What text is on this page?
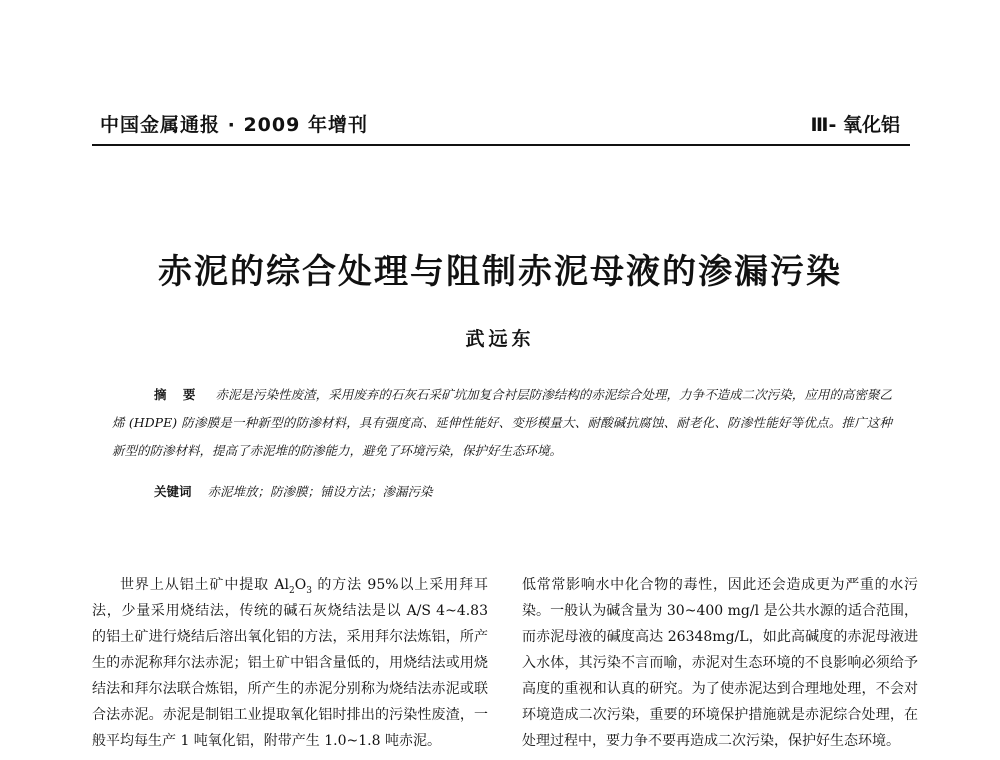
中国金属通报 · 2009 年增刊	Ⅲ- 氧化铝
赤泥的综合处理与阻制赤泥母液的渗漏污染
武远东
摘 要 赤泥是污染性废渣，采用废弃的石灰石采矿坑加复合衬层防渗结构的赤泥综合处理，力争不造成二次污染，应用的高密聚乙烯 (HDPE) 防渗膜是一种新型的防渗材料，具有强度高、延伸性能好、变形模量大、耐酸碱抗腐蚀、耐老化、防渗性能好等优点。推广这种新型的防渗材料，提高了赤泥堆的防渗能力，避免了环境污染，保护好生态环境。
关键词 赤泥堆放；防渗膜；铺设方法；渗漏污染
世界上从铝土矿中提取 $Al_2O_3$ 的方法 95%以上采用拜耳法，少量采用烧结法，传统的碱石灰烧结法是以 A/S 4~4.83 的铝土矿进行烧结后溶出氧化铝的方法，采用拜尔法炼铝，所产生的赤泥称拜尔法赤泥；铝土矿中铝含量低的，用烧结法或用烧结法和拜尔法联合炼铝，所产生的赤泥分别称为烧结法赤泥或联合法赤泥。赤泥是制铝工业提取氧化铝时排出的污染性废渣，一般平均每生产 1 吨氧化铝，附带产生 1.0~1.8 吨赤泥。
低常常影响水中化合物的毒性，因此还会造成更为严重的水污染。一般认为碱含量为 30~400 mg/l 是公共水源的适合范围，而赤泥母液的碱度高达 26348mg/L，如此高碱度的赤泥母液进入水体，其污染不言而喻，赤泥对生态环境的不良影响必须给予高度的重视和认真的研究。为了使赤泥达到合理地处理，不会对环境造成二次污染，重要的环境保护措施就是赤泥综合处理，在处理过程中，要力争不要再造成二次污染，保护好生态环境。
